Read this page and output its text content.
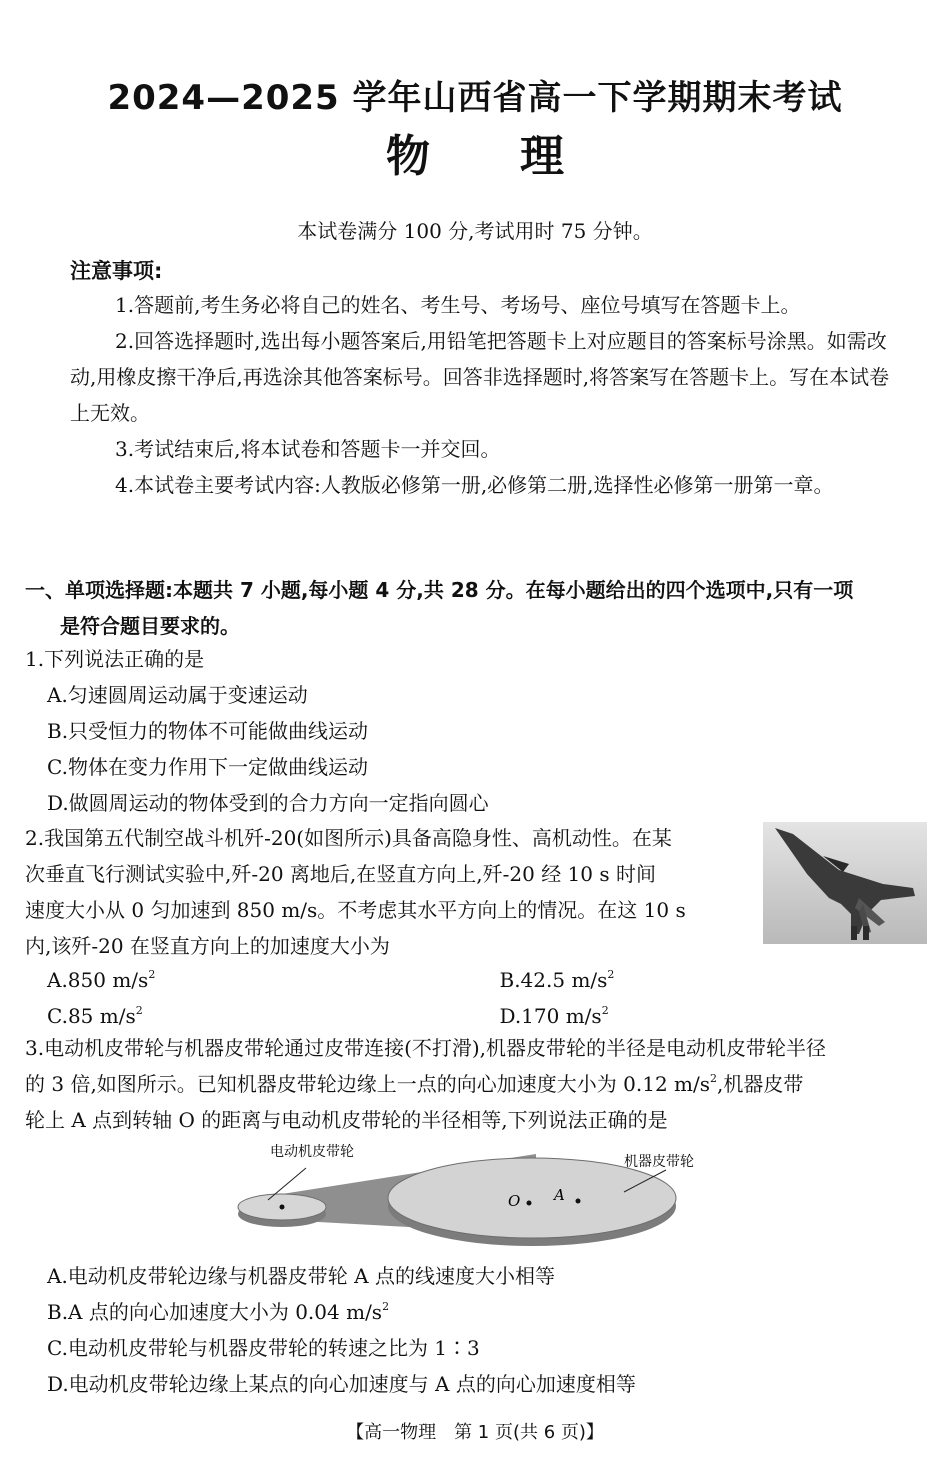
2024—2025 学年山西省高一下学期期末考试
物理
本试卷满分 100 分,考试用时 75 分钟。
注意事项:

1.答题前,考生务必将自己的姓名、考生号、考场号、座位号填写在答题卡上。

2.回答选择题时,选出每小题答案后,用铅笔把答题卡上对应题目的答案标号涂黑。如需改动,用橡皮擦干净后,再选涂其他答案标号。回答非选择题时,将答案写在答题卡上。写在本试卷上无效。

3.考试结束后,将本试卷和答题卡一并交回。

4.本试卷主要考试内容:人教版必修第一册,必修第二册,选择性必修第一册第一章。

一、单项选择题:本题共 7 小题,每小题 4 分,共 28 分。在每小题给出的四个选项中,只有一项
是符合题目要求的。
1.下列说法正确的是
A.匀速圆周运动属于变速运动
B.只受恒力的物体不可能做曲线运动
C.物体在变力作用下一定做曲线运动
D.做圆周运动的物体受到的合力方向一定指向圆心
2.我国第五代制空战斗机歼-20(如图所示)具备高隐身性、高机动性。在某
次垂直飞行测试实验中,歼-20 离地后,在竖直方向上,歼-20 经 10 s 时间
速度大小从 0 匀加速到 850 m/s。不考虑其水平方向上的情况。在这 10 s
内,该歼-20 在竖直方向上的加速度大小为
A.850 $m/s^2$	B.42.5 $m/s^2$
C.85 $m/s^2$	D.170 $m/s^2$
3.电动机皮带轮与机器皮带轮通过皮带连接(不打滑),机器皮带轮的半径是电动机皮带轮半径
的 3 倍,如图所示。已知机器皮带轮边缘上一点的向心加速度大小为 0.12 $m/s^2$,机器皮带
轮上 A 点到转轴 O 的距离与电动机皮带轮的半径相等,下列说法正确的是
O A
电动机皮带轮
机器皮带轮
A.电动机皮带轮边缘与机器皮带轮 A 点的线速度大小相等
B.A 点的向心加速度大小为 0.04 $m/s^2$
C.电动机皮带轮与机器皮带轮的转速之比为 1∶3
D.电动机皮带轮边缘上某点的向心加速度与 A 点的向心加速度相等
【高一物理　第 1 页(共 6 页)】
